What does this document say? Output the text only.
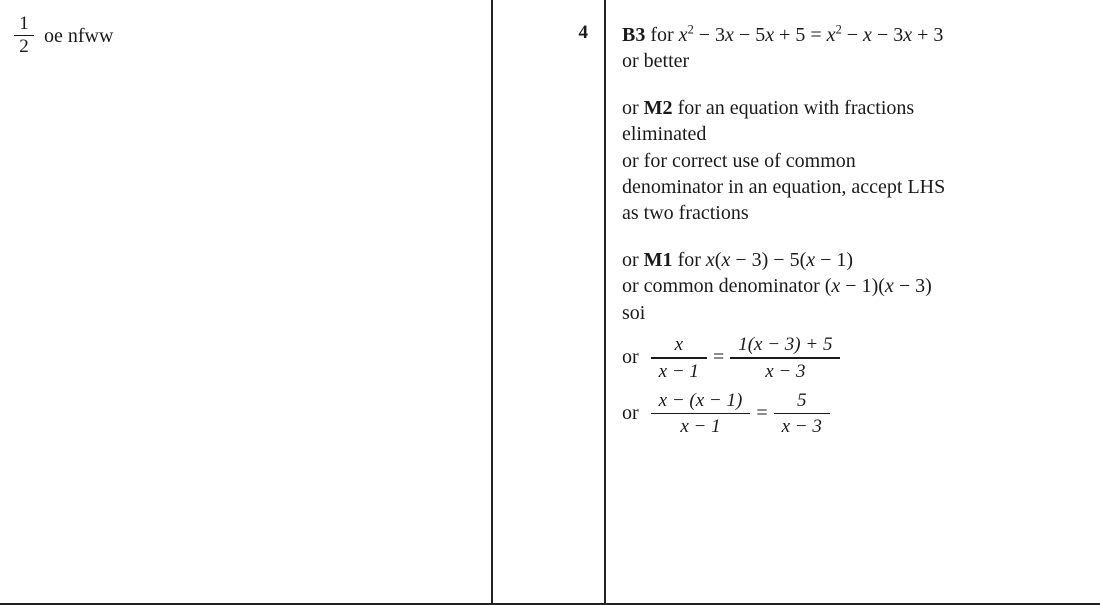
$\frac{1}{2}$ oe nfww	4	B3 for $x^2 - 3x - 5x + 5 = x^2 - x - 3x + 3$
or better
or M2 for an equation with fractions
eliminated
or for correct use of common
denominator in an equation, accept LHS
as two fractions
or M1 for x(x − 3) − 5(x − 1)
or common denominator (x − 1)(x − 3)
soi
or $\frac{x}{x - 1} = \frac{1(x - 3) + 5}{x - 3}$
or $\frac{x - (x - 1)}{x - 1} = \frac{5}{x - 3}$
